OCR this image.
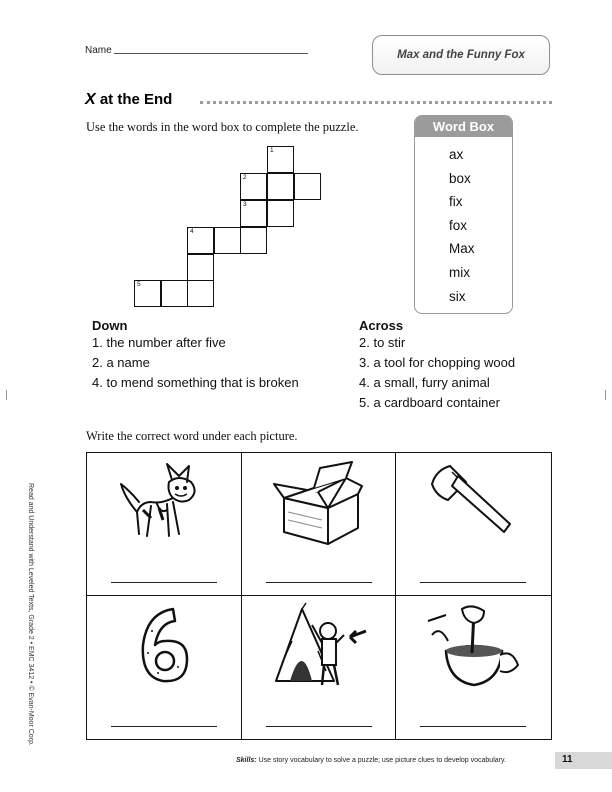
Name	Max and the Funny Fox
X at the End
Use the words in the word box to complete the puzzle.
1
2
3
4
5
Word Box
ax
box
fix
fox
Max
mix
six
Down
1. the number after five
2. a name
4. to mend something that is broken
Across
2. to stir
3. a tool for chopping wood
4. a small, furry animal
5. a cardboard container
Write the correct word under each picture.
Read and Understand with Leveled Texts, Grade 2 • EMC 3412 • © Evan-Moor Corp.
Skills: Use story vocabulary to solve a puzzle; use picture clues to develop vocabulary.	11
